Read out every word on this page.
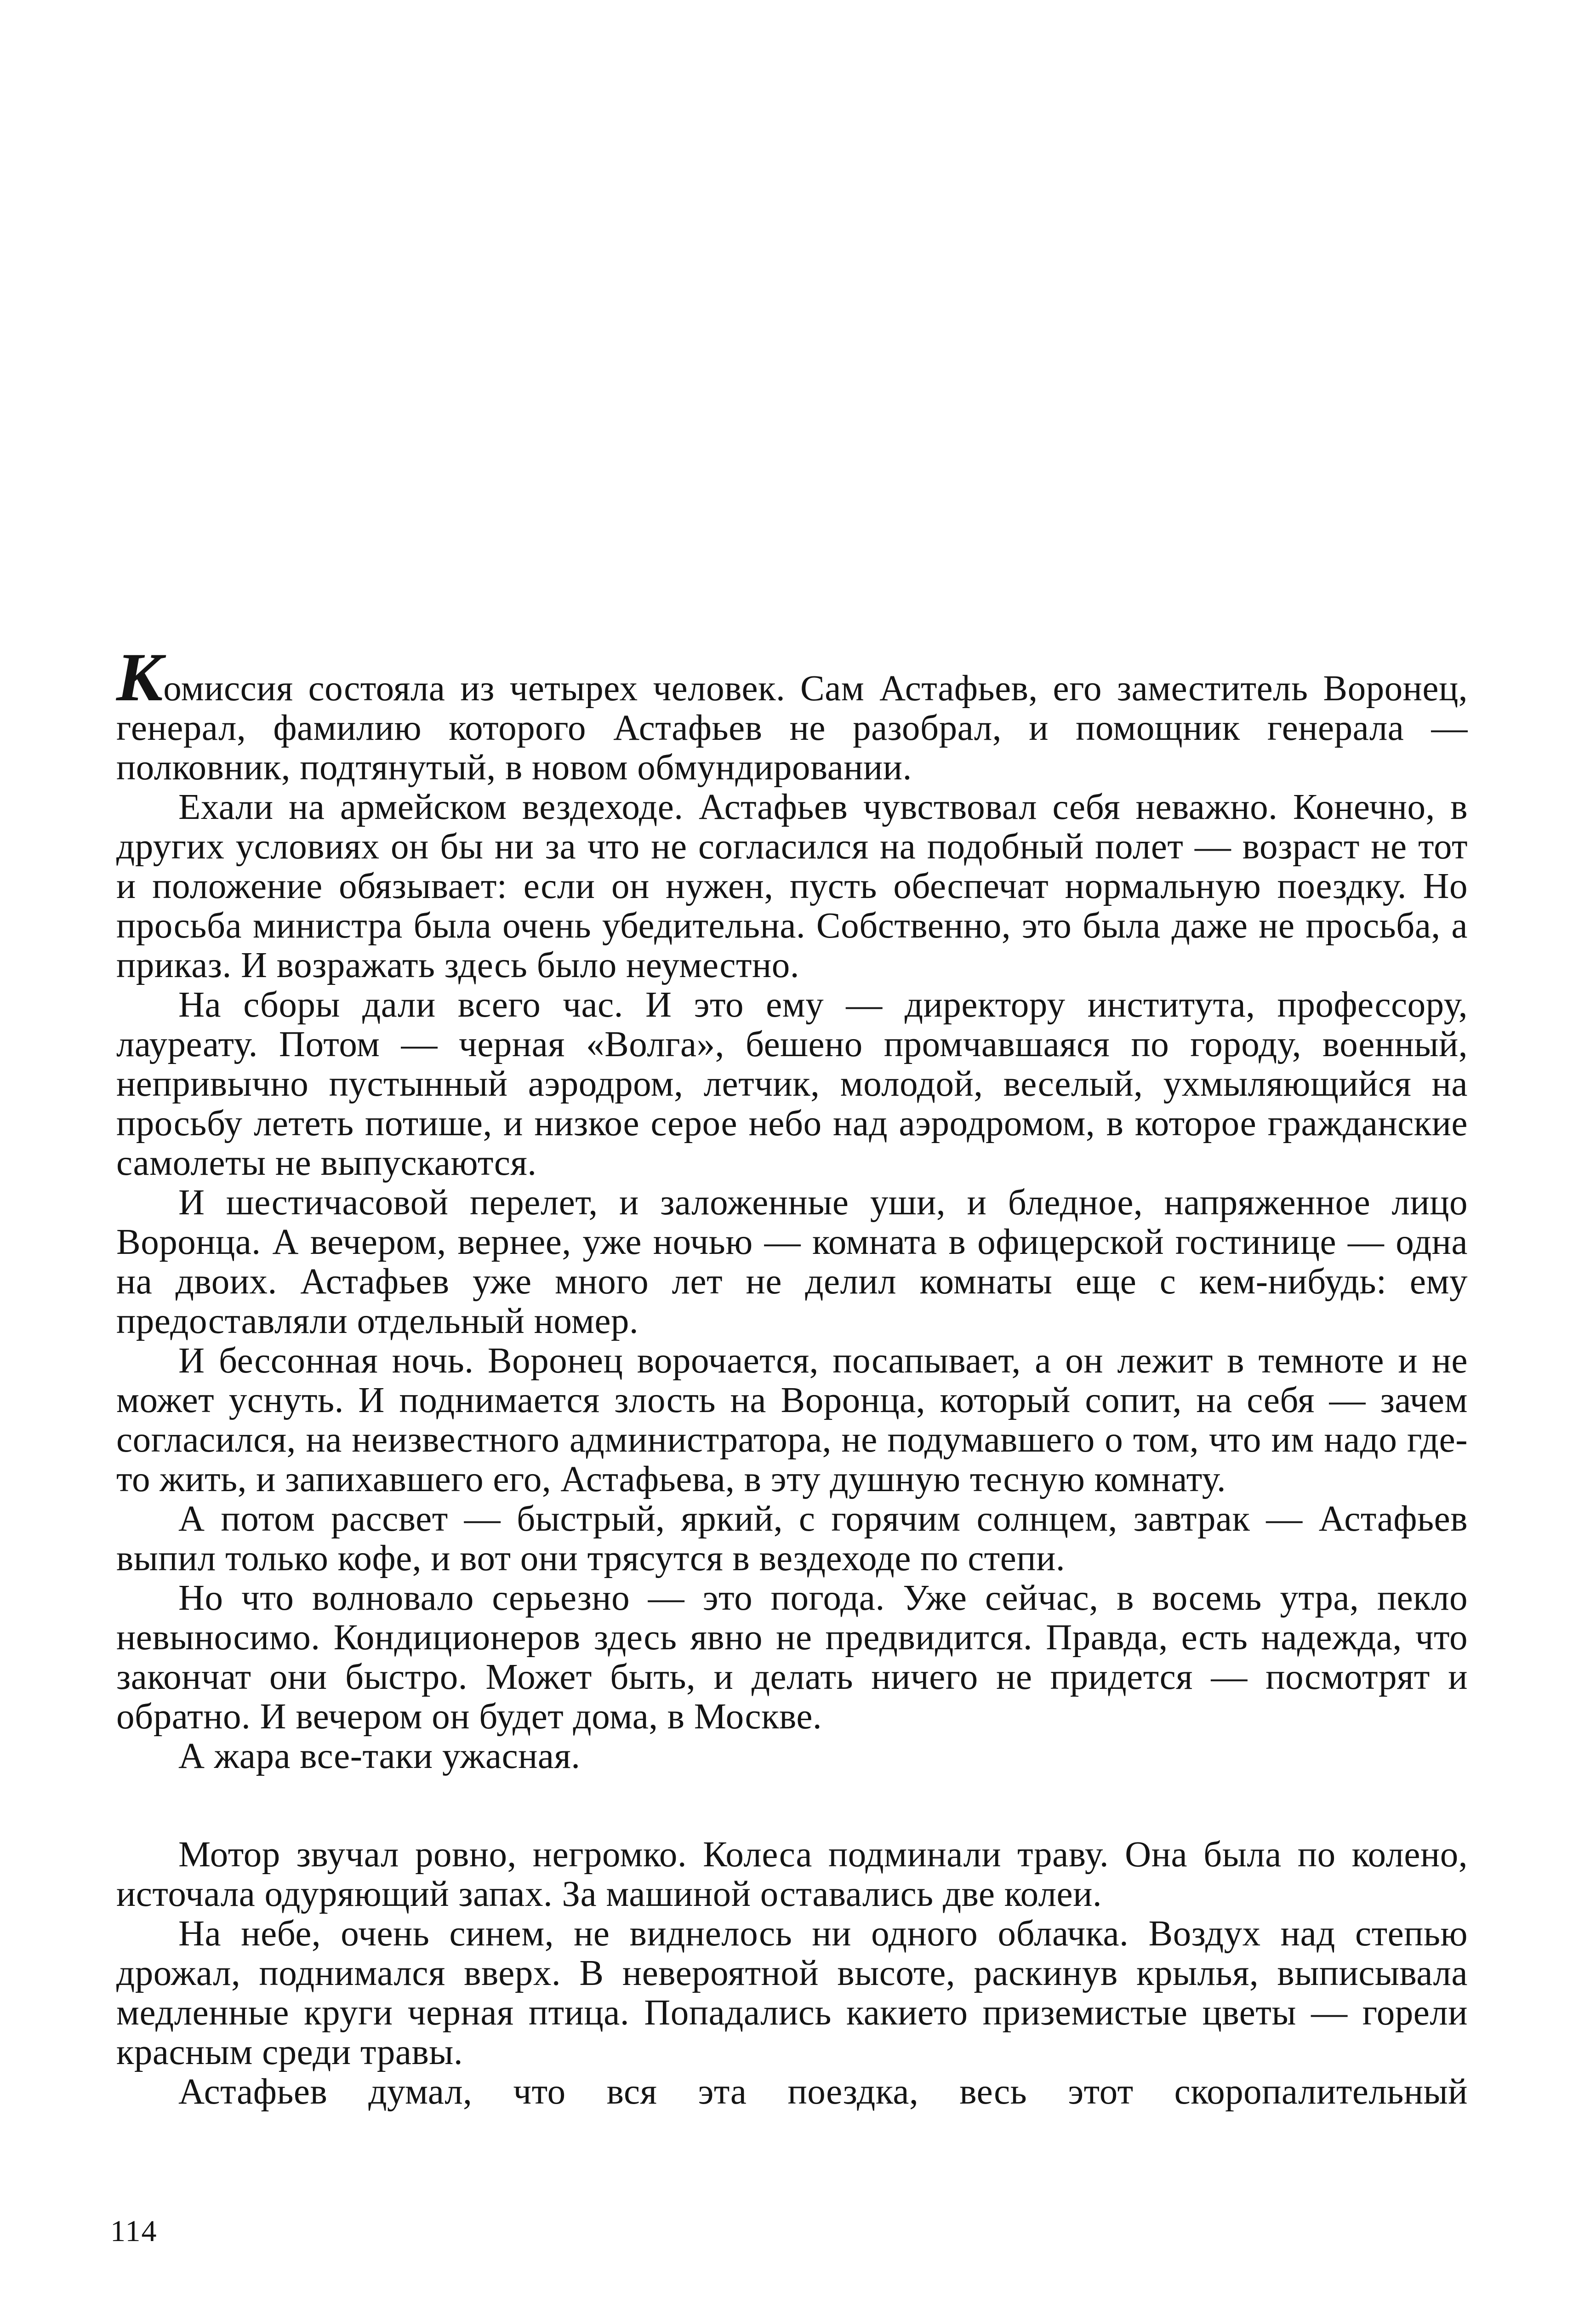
Комиссия состояла из четырех человек. Сам Астафьев, его заместитель Воронец, генерал, фамилию которого Астафьев не разобрал, и помощник генерала — полковник, подтянутый, в новом обмундировании.

Ехали на армейском вездеходе. Астафьев чувствовал себя неважно. Конечно, в других условиях он бы ни за что не согласился на подобный полет — возраст не тот и положение обязывает: если он нужен, пусть обеспечат нормальную поездку. Но просьба министра была очень убедительна. Собственно, это была даже не просьба, а приказ. И возражать здесь было неуместно.

На сборы дали всего час. И это ему — директору института, профессору, лауреату. Потом — черная «Волга», бешено промчавшаяся по городу, военный, непривычно пустынный аэродром, летчик, молодой, веселый, ухмыляющийся на просьбу лететь потише, и низкое серое небо над аэродромом, в которое гражданские самолеты не выпускаются.

И шестичасовой перелет, и заложенные уши, и бледное, напряженное лицо Воронца. А вечером, вернее, уже ночью — комната в офицерской гостинице — одна на двоих. Астафьев уже много лет не делил комнаты еще с кем-нибудь: ему предоставляли отдельный номер.

И бессонная ночь. Воронец ворочается, посапывает, а он лежит в темноте и не может уснуть. И поднимается злость на Воронца, который сопит, на себя — зачем согласился, на неизвестного администратора, не подумавшего о том, что им надо где-то жить, и запихавшего его, Астафьева, в эту душную тесную комнату.

А потом рассвет — быстрый, яркий, с горячим солнцем, завтрак — Астафьев выпил только кофе, и вот они трясутся в вездеходе по степи.

Но что волновало серьезно — это погода. Уже сейчас, в восемь утра, пекло невыносимо. Кондиционеров здесь явно не предвидится. Правда, есть надежда, что закончат они быстро. Может быть, и делать ничего не придется — посмотрят и обратно. И вечером он будет дома, в Москве.

А жара все-таки ужасная.

Мотор звучал ровно, негромко. Колеса подминали траву. Она была по колено, источала одуряющий запах. За машиной оставались две колеи.

На небе, очень синем, не виднелось ни одного облачка. Воздух над степью дрожал, поднимался вверх. В невероятной высоте, раскинув крылья, выписывала медленные круги черная птица. Попадались какието приземистые цветы — горели красным среди травы.

Астафьев думал, что вся эта поездка, весь этот скоропалительный

114
